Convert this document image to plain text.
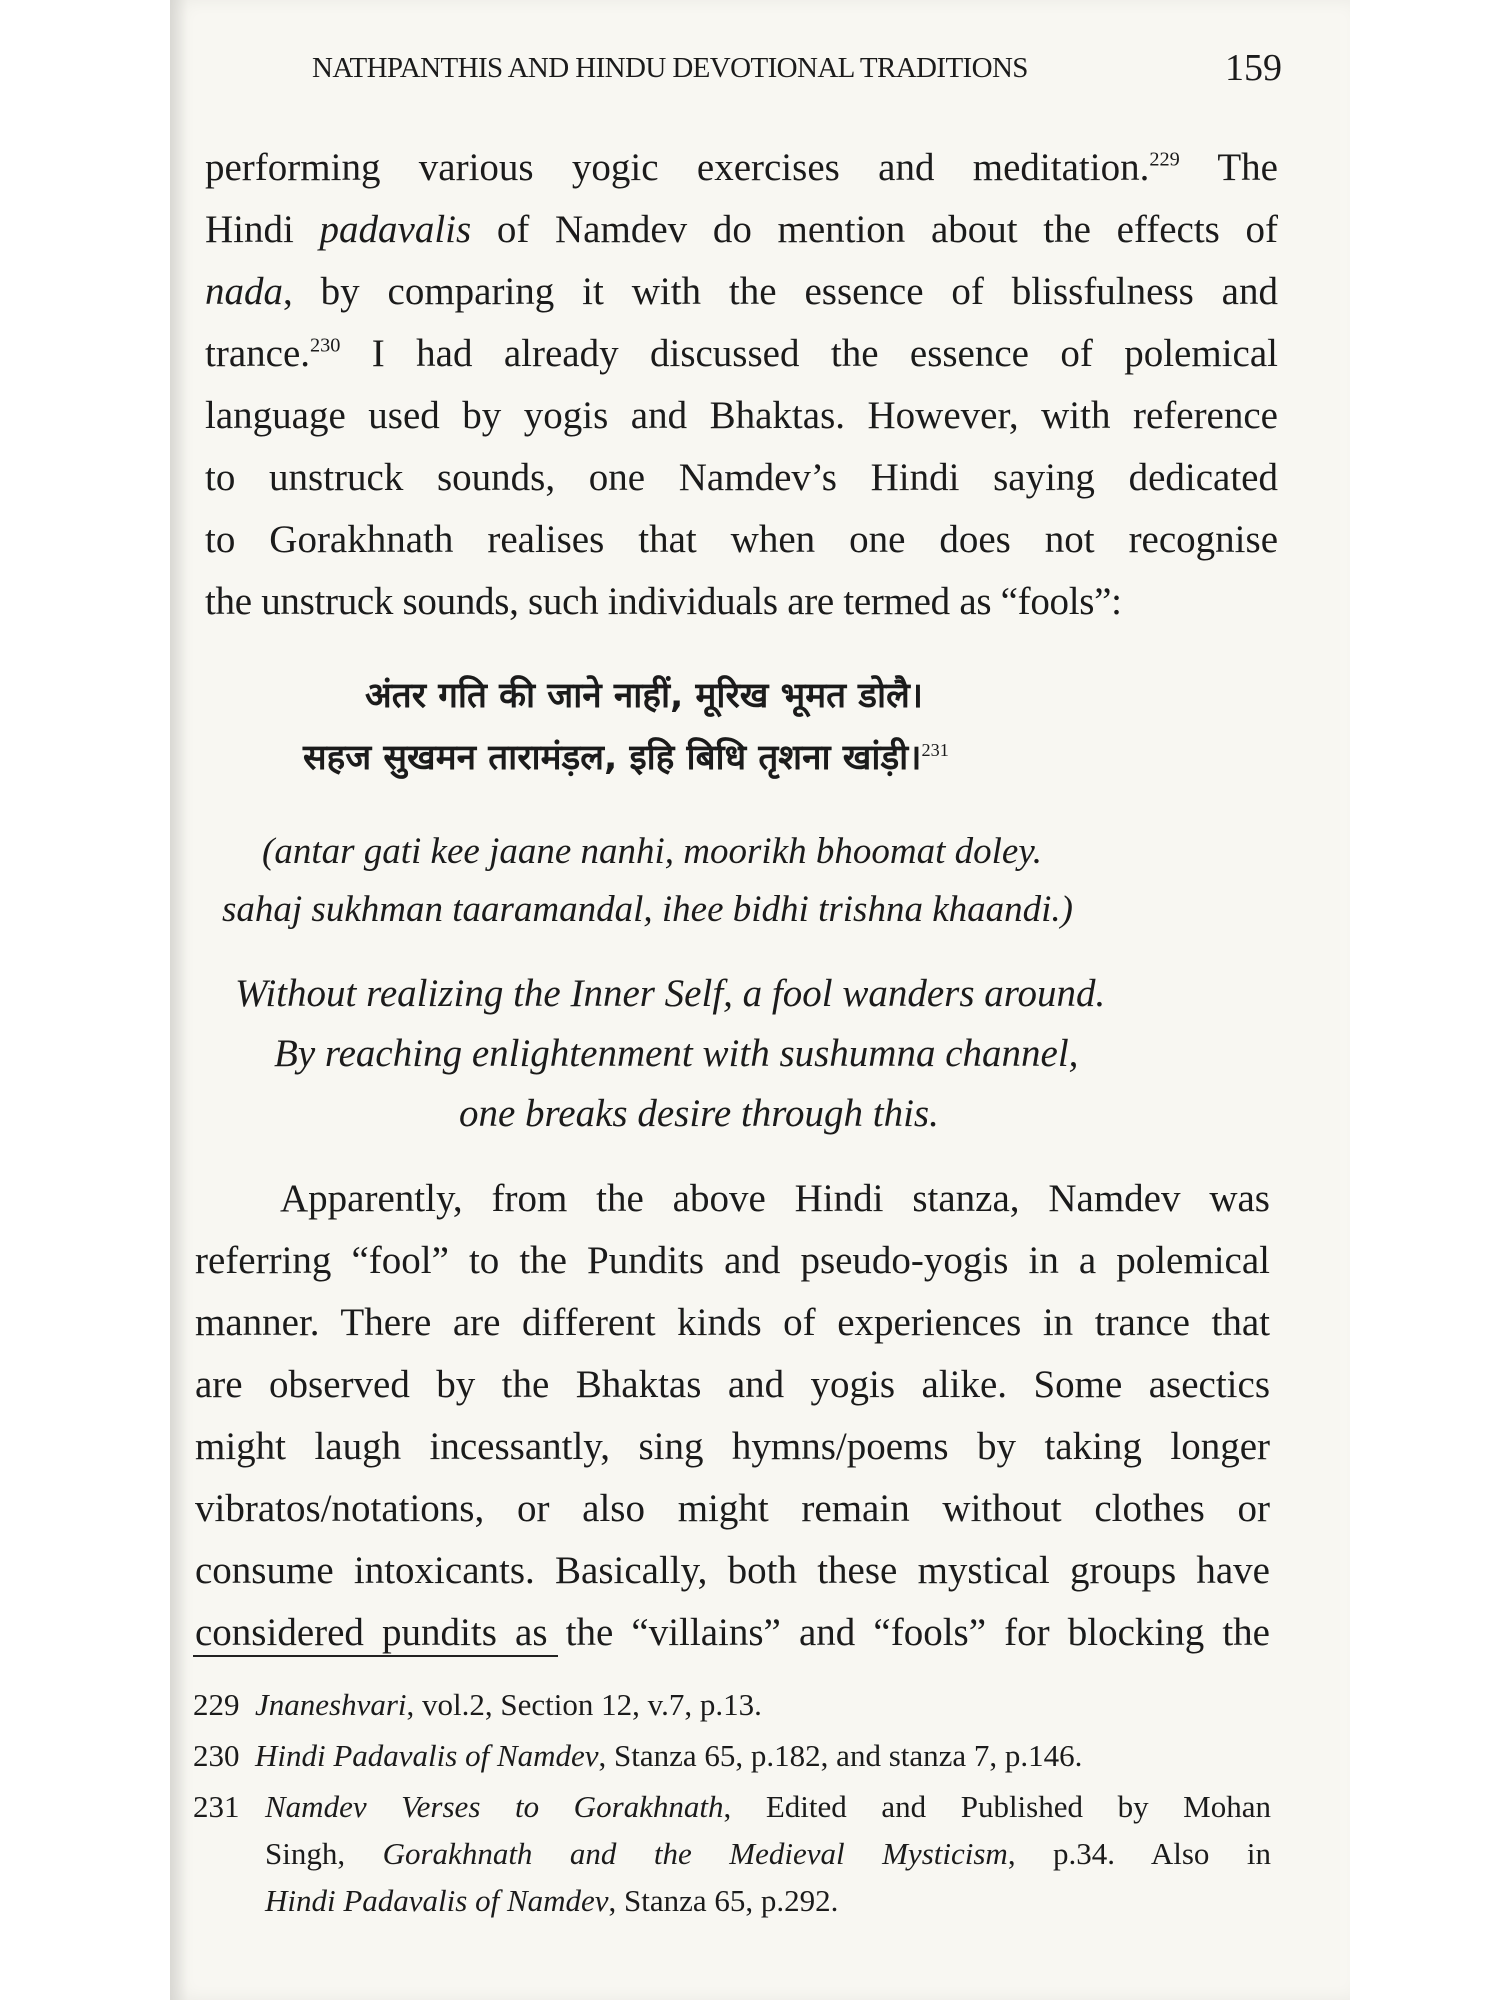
NATHPANTHIS AND HINDU DEVOTIONAL TRADITIONS	159
performing various yogic exercises and meditation.$^{229}$ The
Hindi padavalis of Namdev do mention about the effects of
nada, by comparing it with the essence of blissfulness and
trance.$^{230}$ I had already discussed the essence of polemical
language used by yogis and Bhaktas. However, with reference
to unstruck sounds, one Namdev’s Hindi saying dedicated
to Gorakhnath realises that when one does not recognise
the unstruck sounds, such individuals are termed as “fools”:
अंतर गति की जाने नाहीं, मूरिख भूमत डोलै।
सहज सुखमन तारामंड़ल, इहि बिधि तृशना खांड़ी।$^{231}$
(antar gati kee jaane nanhi, moorikh bhoomat doley.
sahaj sukhman taaramandal, ihee bidhi trishna khaandi.)
Without realizing the Inner Self, a fool wanders around.
By reaching enlightenment with sushumna channel,
one breaks desire through this.
Apparently, from the above Hindi stanza, Namdev was
referring “fool” to the Pundits and pseudo-yogis in a polemical
manner. There are different kinds of experiences in trance that
are observed by the Bhaktas and yogis alike. Some asectics
might laugh incessantly, sing hymns/poems by taking longer
vibratos/notations, or also might remain without clothes or
consume intoxicants. Basically, both these mystical groups have
considered pundits as the “villains” and “fools” for blocking the
229 Jnaneshvari, vol.2, Section 12, v.7, p.13.
230 Hindi Padavalis of Namdev, Stanza 65, p.182, and stanza 7, p.146.
231 Namdev Verses to Gorakhnath, Edited and Published by Mohan
Singh, Gorakhnath and the Medieval Mysticism, p.34. Also in
Hindi Padavalis of Namdev, Stanza 65, p.292.
